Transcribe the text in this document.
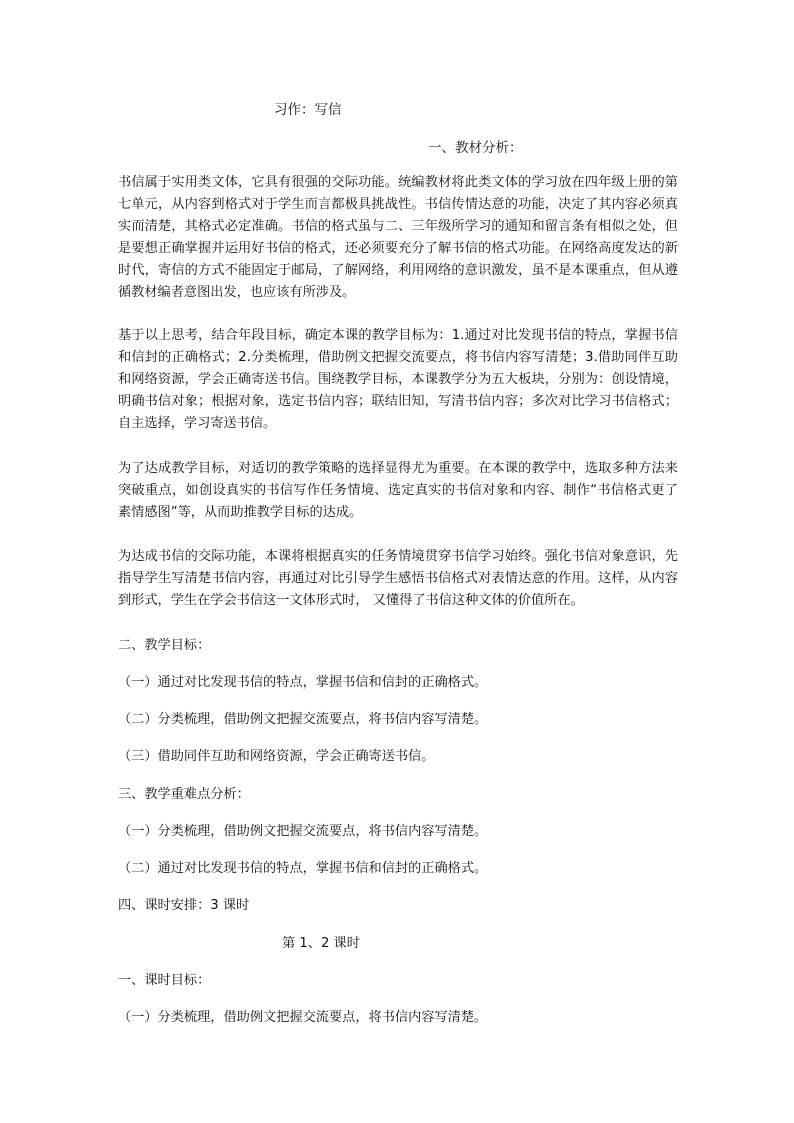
习作：写信
一、教材分析：

书信属于实用类文体，它具有很强的交际功能。统编教材将此类文体的学习放在四年级上册的第七单元，从内容到格式对于学生而言都极具挑战性。书信传情达意的功能，决定了其内容必须真实而清楚，其格式必定准确。书信的格式虽与二、三年级所学习的通知和留言条有相似之处，但是要想正确掌握并运用好书信的格式，还必须要充分了解书信的格式功能。在网络高度发达的新时代，寄信的方式不能固定于邮局，了解网络，利用网络的意识激发，虽不是本课重点，但从遵循教材编者意图出发，也应该有所涉及。

基于以上思考，结合年段目标，确定本课的教学目标为：1.通过对比发现书信的特点，掌握书信和信封的正确格式；2.分类梳理，借助例文把握交流要点，将书信内容写清楚；3.借助同伴互助和网络资源，学会正确寄送书信。围绕教学目标，本课教学分为五大板块，分别为：创设情境，明确书信对象；根据对象，选定书信内容；联结旧知，写清书信内容；多次对比学习书信格式；自主选择，学习寄送书信。

为了达成教学目标，对适切的教学策略的选择显得尤为重要。在本课的教学中，选取多种方法来突破重点，如创设真实的书信写作任务情境、选定真实的书信对象和内容、制作“书信格式更了素情感图”等，从而助推教学目标的达成。

为达成书信的交际功能，本课将根据真实的任务情境贯穿书信学习始终。强化书信对象意识，先指导学生写清楚书信内容，再通过对比引导学生感悟书信格式对表情达意的作用。这样，从内容到形式，学生在学会书信这一文体形式时， 又懂得了书信这种文体的价值所在。

二、教学目标：
（一）通过对比发现书信的特点，掌握书信和信封的正确格式。
（二）分类梳理，借助例文把握交流要点，将书信内容写清楚。
（三）借助同伴互助和网络资源，学会正确寄送书信。
三、教学重难点分析：
（一）分类梳理，借助例文把握交流要点，将书信内容写清楚。
（二）通过对比发现书信的特点，掌握书信和信封的正确格式。
四、课时安排：3 课时
第 1、2 课时
一、课时目标：
（一）分类梳理，借助例文把握交流要点，将书信内容写清楚。
